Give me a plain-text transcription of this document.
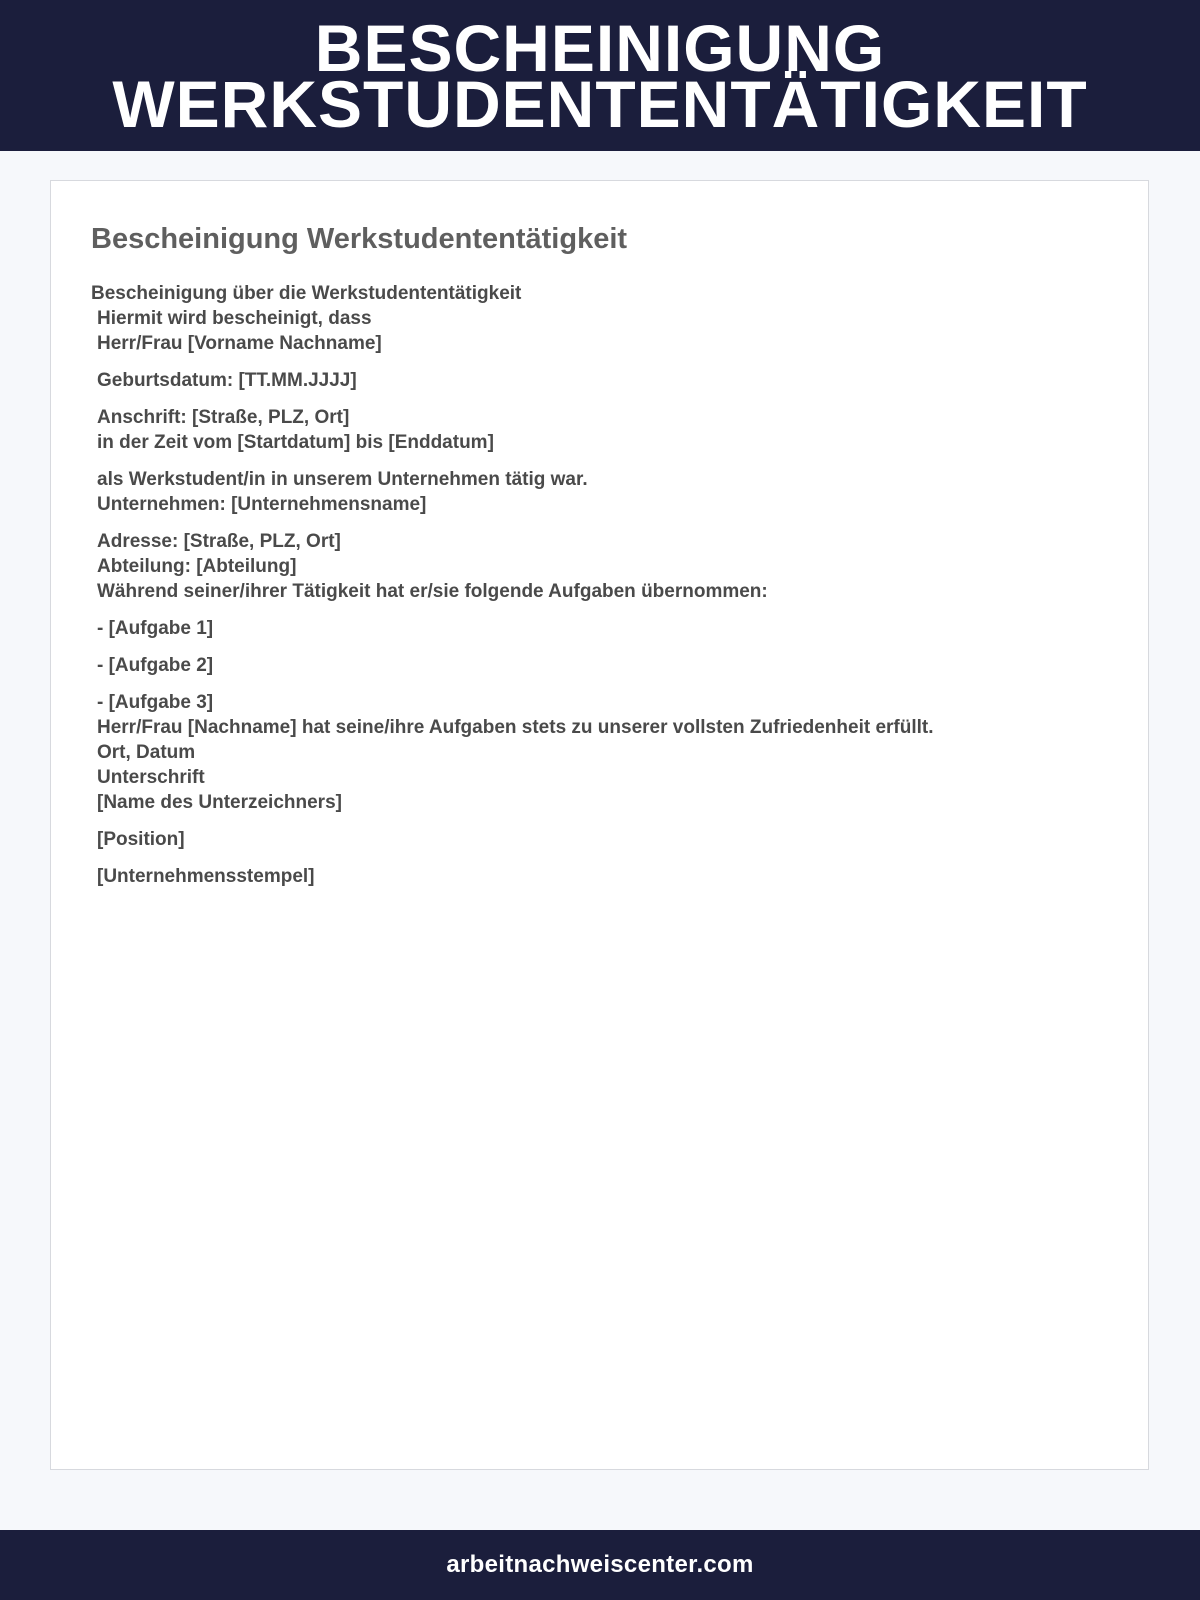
BESCHEINIGUNG
WERKSTUDENTENTÄTIGKEIT
Bescheinigung Werkstudententätigkeit
Bescheinigung über die Werkstudententätigkeit
Hiermit wird bescheinigt, dass
Herr/Frau [Vorname Nachname]
Geburtsdatum: [TT.MM.JJJJ]
Anschrift: [Straße, PLZ, Ort]
in der Zeit vom [Startdatum] bis [Enddatum]
als Werkstudent/in in unserem Unternehmen tätig war.
Unternehmen: [Unternehmensname]
Adresse: [Straße, PLZ, Ort]
Abteilung: [Abteilung]
Während seiner/ihrer Tätigkeit hat er/sie folgende Aufgaben übernommen:
- [Aufgabe 1]
- [Aufgabe 2]
- [Aufgabe 3]
Herr/Frau [Nachname] hat seine/ihre Aufgaben stets zu unserer vollsten Zufriedenheit erfüllt.
Ort, Datum
Unterschrift
[Name des Unterzeichners]
[Position]
[Unternehmensstempel]
arbeitnachweiscenter.com
